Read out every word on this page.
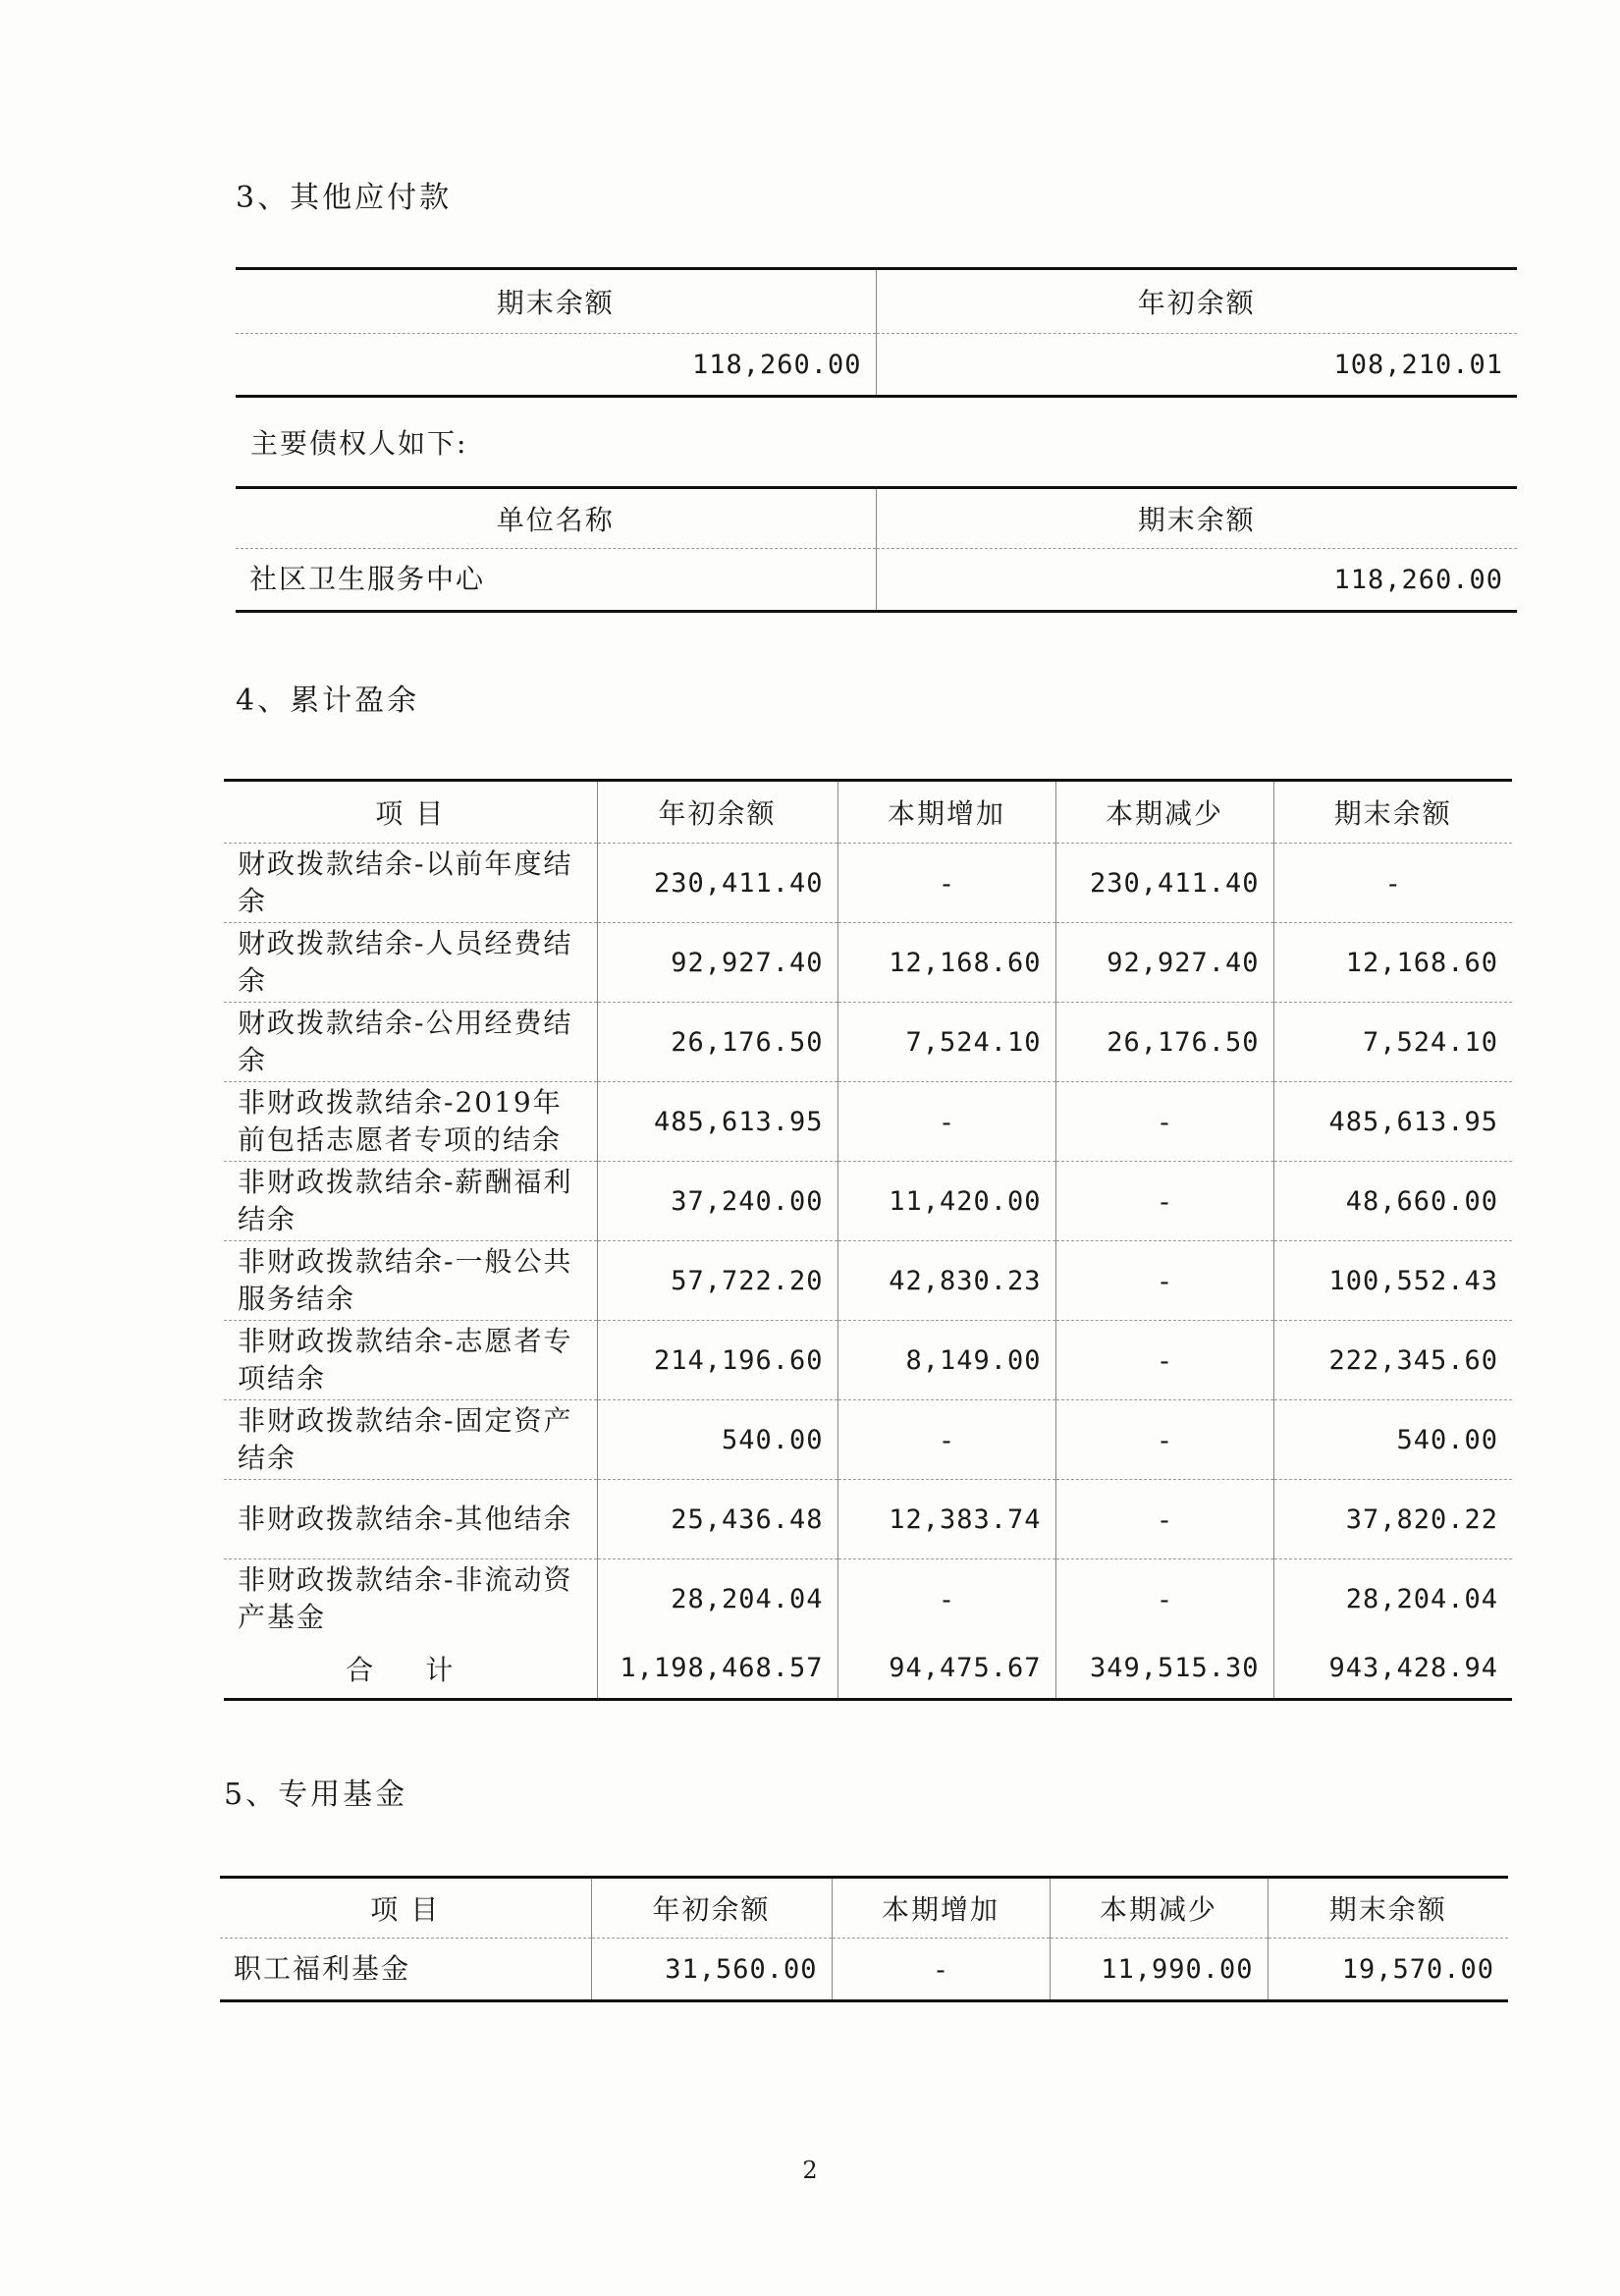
3、其他应付款
期末余额	年初余额
118,260.00	108,210.01
主要债权人如下:
单位名称	期末余额
社区卫生服务中心	118,260.00
4、累计盈余
项 目	年初余额	本期增加	本期减少	期末余额
财政拨款结余-以前年度结余	230,411.40	-	230,411.40	-
财政拨款结余-人员经费结余	92,927.40	12,168.60	92,927.40	12,168.60
财政拨款结余-公用经费结余	26,176.50	7,524.10	26,176.50	7,524.10
非财政拨款结余-2019年前包括志愿者专项的结余	485,613.95	-	-	485,613.95
非财政拨款结余-薪酬福利结余	37,240.00	11,420.00	-	48,660.00
非财政拨款结余-一般公共服务结余	57,722.20	42,830.23	-	100,552.43
非财政拨款结余-志愿者专项结余	214,196.60	8,149.00	-	222,345.60
非财政拨款结余-固定资产结余	540.00	-	-	540.00
非财政拨款结余-其他结余	25,436.48	12,383.74	-	37,820.22
非财政拨款结余-非流动资产基金	28,204.04	-	-	28,204.04
合 计	1,198,468.57	94,475.67	349,515.30	943,428.94
5、专用基金
项 目	年初余额	本期增加	本期减少	期末余额
职工福利基金	31,560.00	-	11,990.00	19,570.00
2
